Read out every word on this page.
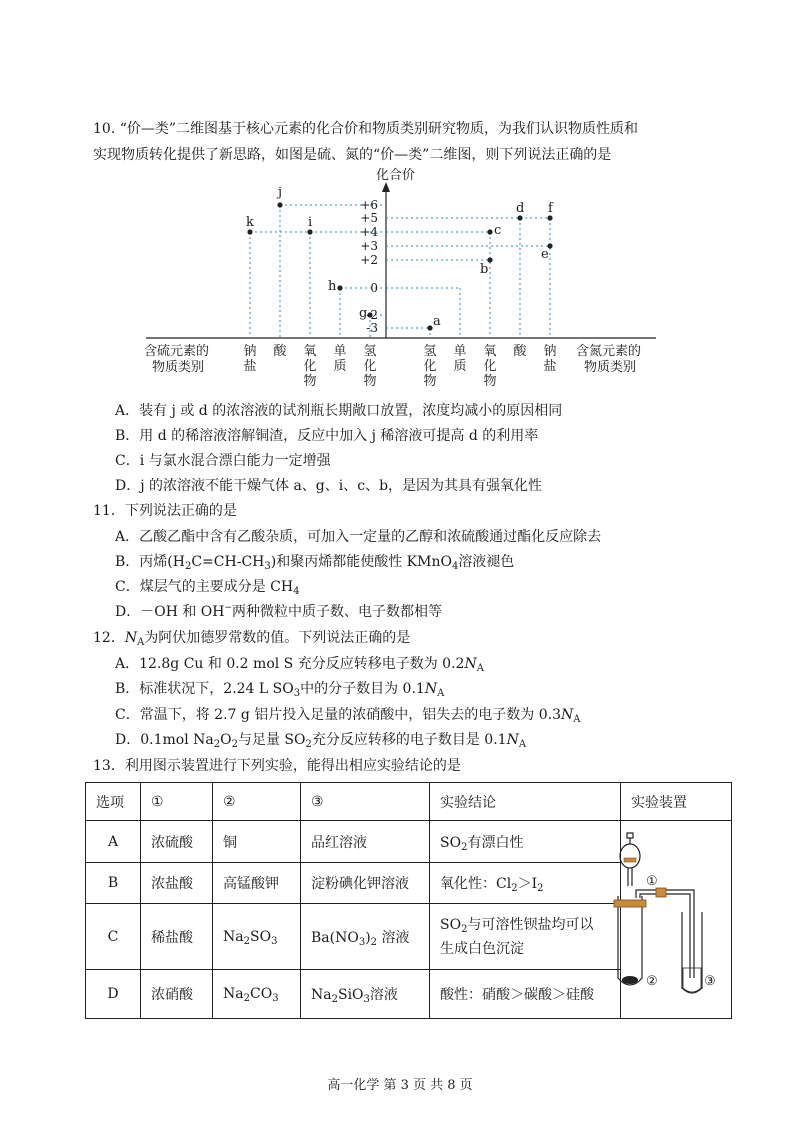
10. “价—类”二维图基于核心元素的化合价和物质类别研究物质，为我们认识物质性质和
实现物质转化提供了新思路，如图是硫、氮的“价—类”二维图，则下列说法正确的是
化合价
+6
+5
+4
+3
+2
0
-2
-3
j
k	i
h
g
a
d f
c
e
b
含硫元素的
物质类别
钠盐
酸 氧化物
单质
氢化物
氢化物
单质
氧化物
酸 钠盐
含氮元素的
物质类别
A．装有 j 或 d 的浓溶液的试剂瓶长期敞口放置，浓度均减小的原因相同
B．用 d 的稀溶液溶解铜渣，反应中加入 j 稀溶液可提高 d 的利用率
C．i 与氯水混合漂白能力一定增强
D．j 的浓溶液不能干燥气体 a、g、i、c、b，是因为其具有强氧化性
11．下列说法正确的是
A．乙酸乙酯中含有乙酸杂质，可加入一定量的乙醇和浓硫酸通过酯化反应除去
B．丙烯$(H_2C=CH-CH_3)$和聚丙烯都能使酸性 KMnO$_4$溶液褪色
C．煤层气的主要成分是 $CH_4$
D．－OH 和 OH−两种微粒中质子数、电子数都相等
12．$N_A$为阿伏加德罗常数的值。下列说法正确的是
A．12.8g Cu 和 0.2 mol S 充分反应转移电子数为 $0.2N_A$
B．标准状况下，2.24 L $SO_3$中的分子数目为 $0.1N_A$
C．常温下，将 2.7 g 铝片投入足量的浓硝酸中，铝失去的电子数为 $0.3N_A$
D．0.1mol $Na_2O_2$与足量 $SO_2$充分反应转移的电子数目是 $0.1N_A$
13．利用图示装置进行下列实验，能得出相应实验结论的是
选项	①	②	③	实验结论	实验装置
A	浓硫酸	铜	品红溶液	$SO_2$有漂白性	
B	浓盐酸	高锰酸钾	淀粉碘化钾溶液	氧化性：$Cl_2>I_2$
C	稀盐酸	$Na_2SO_3$	$Ba(NO_3)_2$ 溶液	$SO_2$与可溶性钡盐均可以
生成白色沉淀	
D	浓硝酸	$Na_2CO_3$	$Na_2SiO_3$溶液	酸性：硝酸＞碳酸＞硅酸	
①
②	③
高一化学 第 3 页 共 8 页
